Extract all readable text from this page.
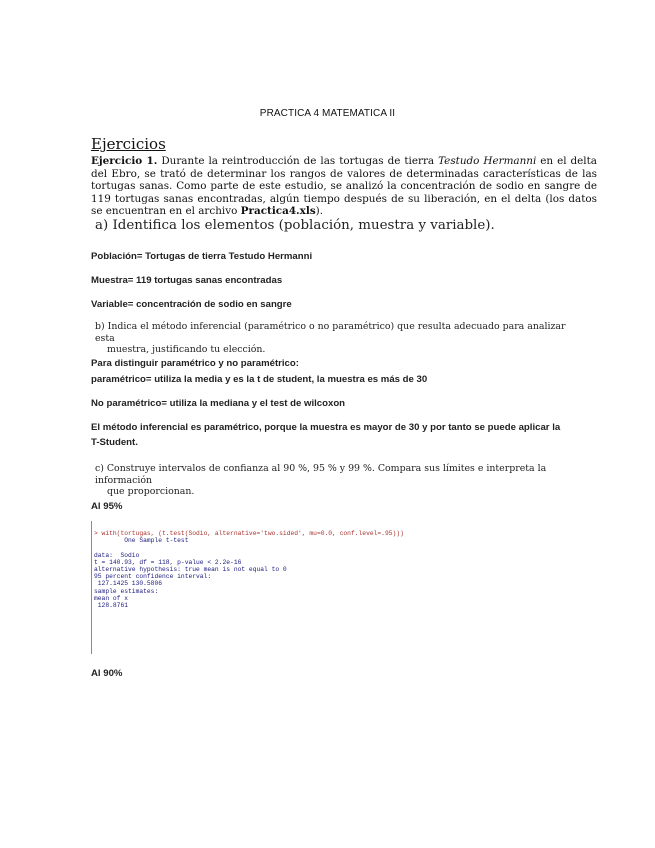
PRACTICA 4 MATEMATICA II
Ejercicios
Ejercicio 1. Durante la reintroducción de las tortugas de tierra Testudo Hermanni en el delta del Ebro, se trató de determinar los rangos de valores de determinadas características de las tortugas sanas. Como parte de este estudio, se analizó la concentración de sodio en sangre de 119 tortugas sanas encontradas, algún tiempo después de su liberación, en el delta (los datos se encuentran en el archivo Practica4.xls).
a) Identifica los elementos (población, muestra y variable).
Población= Tortugas de tierra Testudo Hermanni
Muestra= 119 tortugas sanas encontradas
Variable= concentración de sodio en sangre
b) Indica el método inferencial (paramétrico o no paramétrico) que resulta adecuado para analizar esta
muestra, justificando tu elección.
Para distinguir paramétrico y no paramétrico:
paramétrico= utiliza la media y es la t de student, la muestra es más de 30
No paramétrico= utiliza la mediana y el test de wilcoxon
El método inferencial es paramétrico, porque la muestra es mayor de 30 y por tanto se puede aplicar la T-Student.
c) Construye intervalos de confianza al 90 %, 95 % y 99 %. Compara sus límites e interpreta la información
que proporcionan.
Al 95%
> with(tortugas, (t.test(Sodio, alternative='two.sided', mu=0.0, conf.level=.95)))
One Sample t-test

data:  Sodio
t = 140.93, df = 118, p-value < 2.2e-16
alternative hypothesis: true mean is not equal to 0
95 percent confidence interval:
127.1425 130.5806
sample estimates:
mean of x
128.8761
Al 90%
